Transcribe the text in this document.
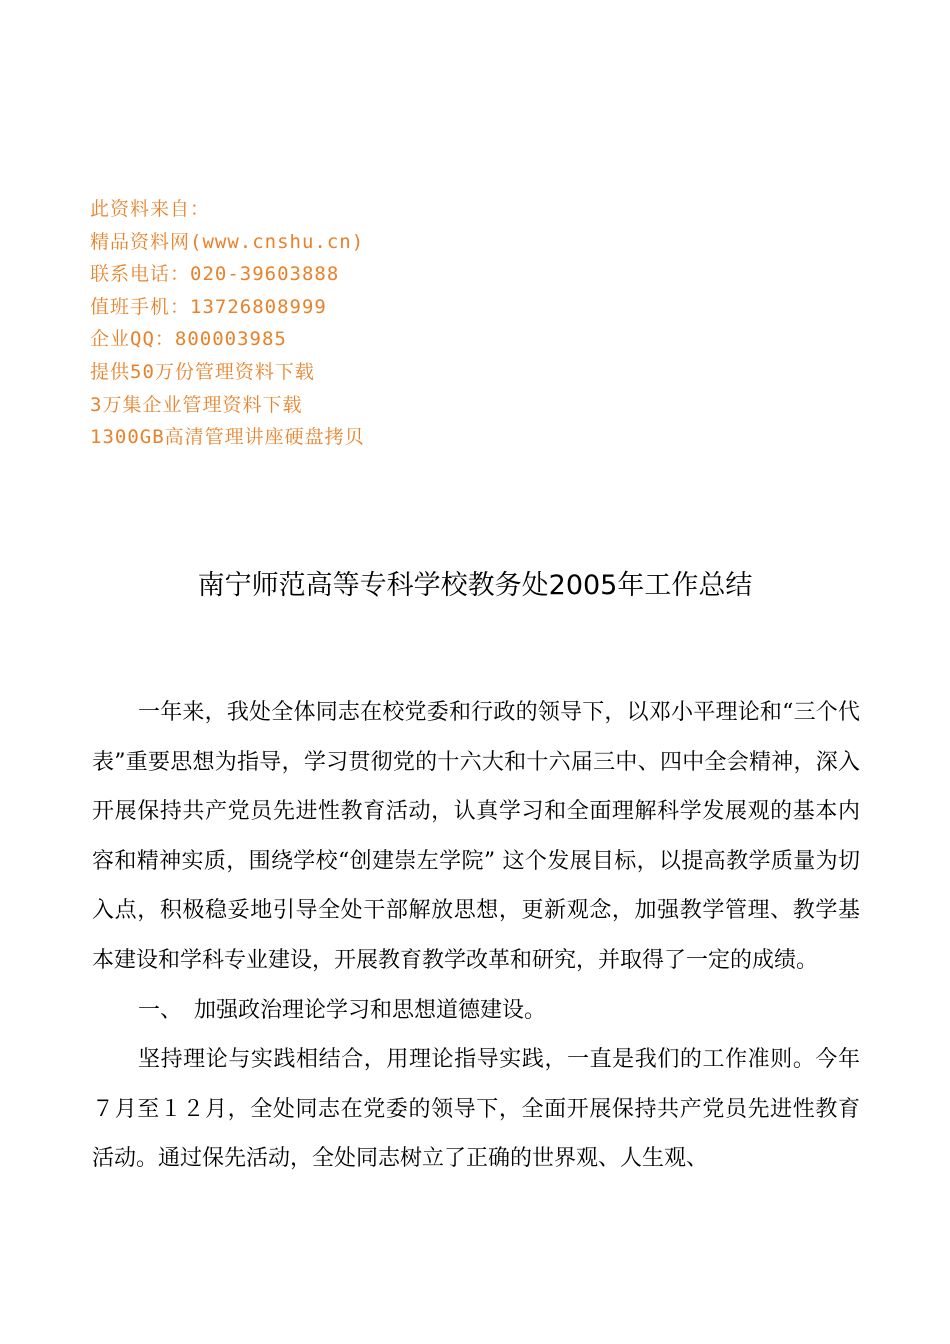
此资料来自：
精品资料网(www.cnshu.cn)
联系电话：020-39603888
值班手机：13726808999
企业QQ：800003985
提供50万份管理资料下载
3万集企业管理资料下载
1300GB高清管理讲座硬盘拷贝
南宁师范高等专科学校教务处2005年工作总结

一年来，我处全体同志在校党委和行政的领导下，以邓小平理论和“三个代表”重要思想为指导，学习贯彻党的十六大和十六届三中、四中全会精神，深入开展保持共产党员先进性教育活动，认真学习和全面理解科学发展观的基本内容和精神实质，围绕学校“创建崇左学院” 这个发展目标，以提高教学质量为切入点，积极稳妥地引导全处干部解放思想，更新观念，加强教学管理、教学基本建设和学科专业建设，开展教育教学改革和研究，并取得了一定的成绩。

一、 加强政治理论学习和思想道德建设。

坚持理论与实践相结合，用理论指导实践，一直是我们的工作准则。今年７月至１２月，全处同志在党委的领导下，全面开展保持共产党员先进性教育活动。通过保先活动，全处同志树立了正确的世界观、人生观、
